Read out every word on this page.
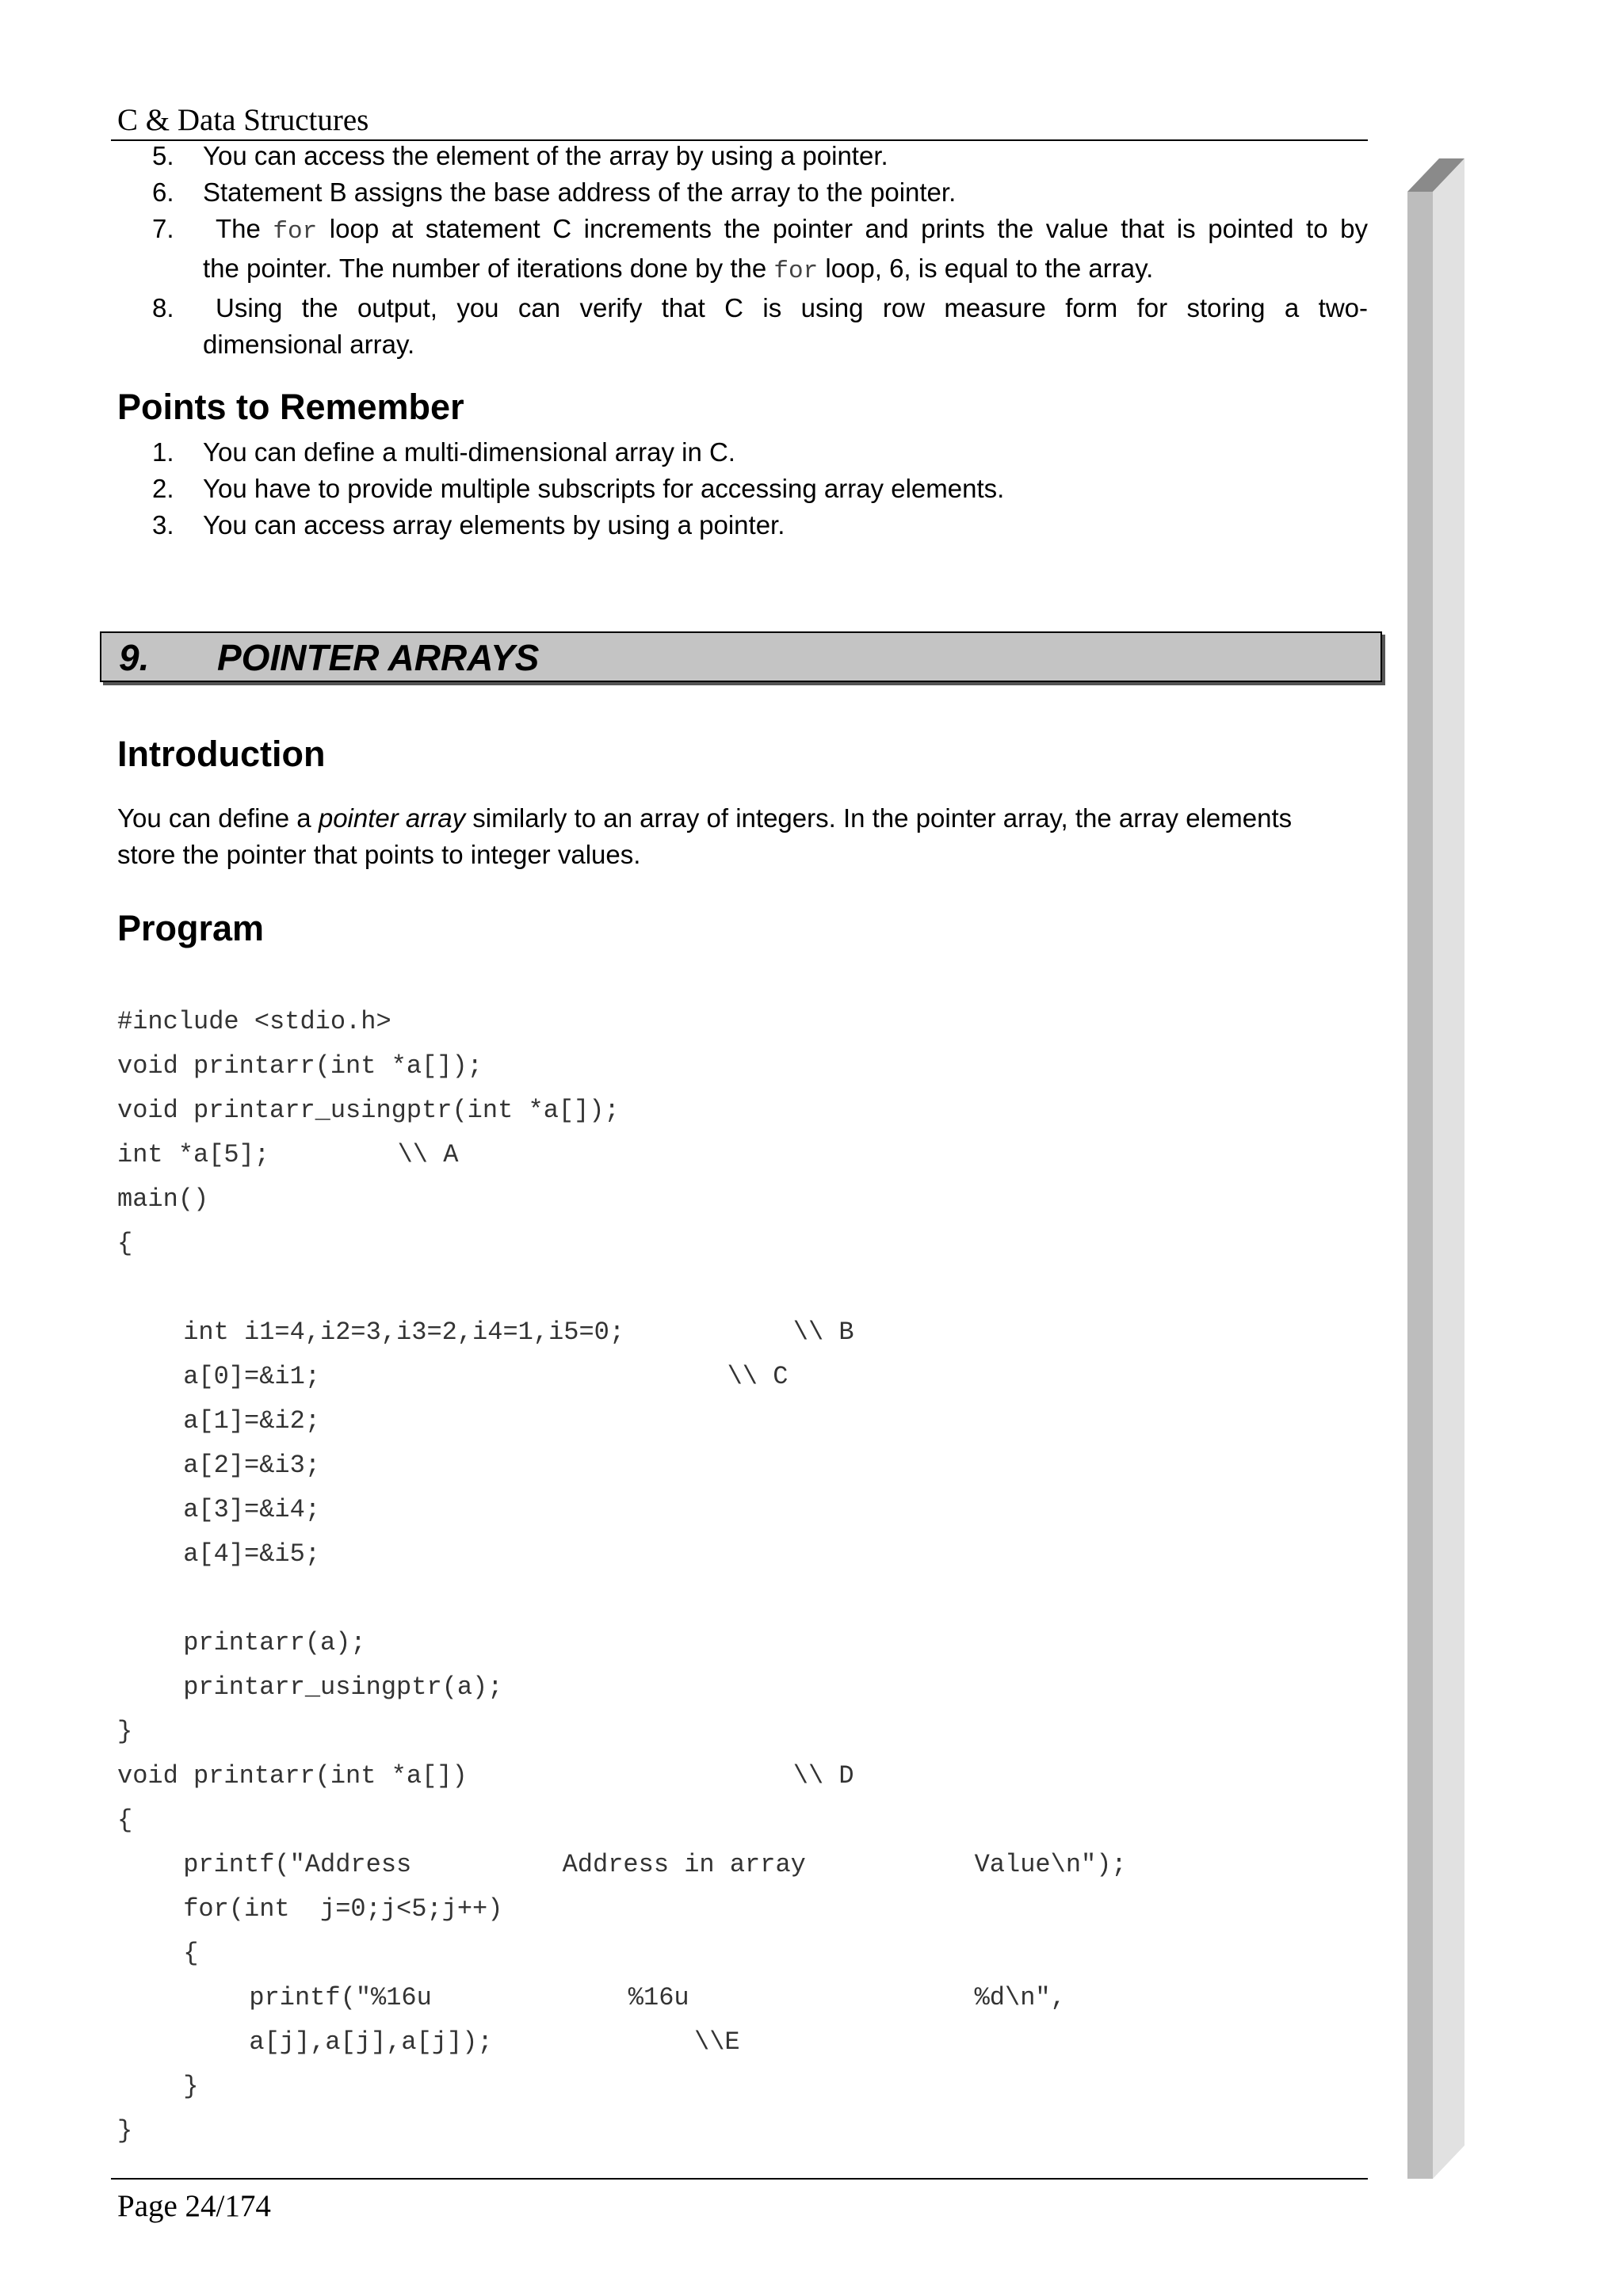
C & Data Structures

5. You can access the element of the array by using a pointer.
6. Statement B assigns the base address of the array to the pointer.
7.	The for loop at statement C increments the pointer and prints the value that is pointed to by
the pointer. The number of iterations done by the for loop, 6, is equal to the array.
8.	Using the output, you can verify that C is using row measure form for storing a two-
dimensional array.
Points to Remember
1. You can define a multi-dimensional array in C.
2. You have to provide multiple subscripts for accessing array elements.
3. You can access array elements by using a pointer.
9. POINTER ARRAYS
Introduction
You can define a pointer array similarly to an array of integers. In the pointer array, the array elements
store the pointer that points to integer values.
Program
#include <stdio.h>
void printarr(int *a[]);
void printarr_usingptr(int *a[]);
int *a[5];	\\ A
main()
{
int i1=4,i2=3,i3=2,i4=1,i5=0;	\\ B
a[0]=&i1;	\\ C
a[1]=&i2;
a[2]=&i3;
a[3]=&i4;
a[4]=&i5;
printarr(a);
printarr_usingptr(a);
}
void printarr(int *a[])	\\ D
{
printf("Address	Address in array	Value\n");
for(int  j=0;j<5;j++)
{
printf("%16u	%16u	%d\n",
a[j],a[j],a[j]);	\\E
}
}

Page 24/174
